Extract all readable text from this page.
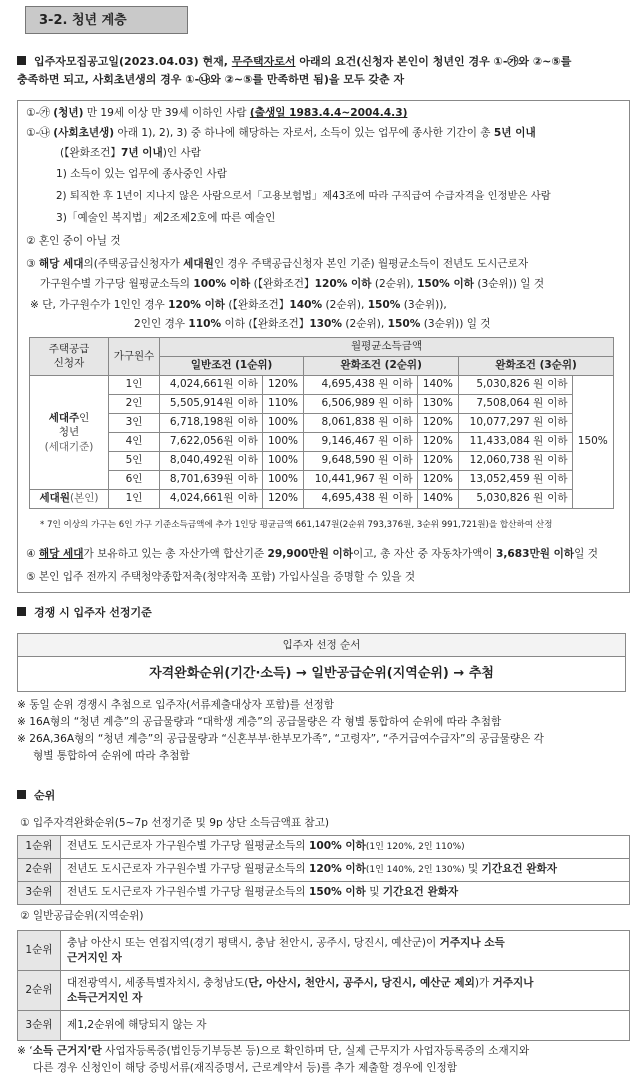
3-2. 청년 계층
입주자모집공고일(2023.04.03) 현재, 무주택자로서 아래의 요건(신청자 본인이 청년인 경우 ①-㉮와 ②~⑤를
충족하면 되고, 사회초년생의 경우 ①-㉯와 ②~⑤를 만족하면 됨)을 모두 갖춘 자
①-㉮ (청년) 만 19세 이상 만 39세 이하인 사람 (출생일 1983.4.4~2004.4.3)
①-㉯ (사회초년생) 아래 1), 2), 3) 중 하나에 해당하는 자로서, 소득이 있는 업무에 종사한 기간이 총 5년 이내
(【완화조건】7년 이내)인 사람
1) 소득이 있는 업무에 종사중인 사람
2) 퇴직한 후 1년이 지나지 않은 사람으로서「고용보험법」제43조에 따라 구직급여 수급자격을 인정받은 사람
3)「예술인 복지법」제2조제2호에 따른 예술인
② 혼인 중이 아닐 것
③ 해당 세대의(주택공급신청자가 세대원인 경우 주택공급신청자 본인 기준) 월평균소득이 전년도 도시근로자
가구원수별 가구당 월평균소득의 100% 이하 (【완화조건】120% 이하 (2순위), 150% 이하 (3순위)) 일 것
※ 단, 가구원수가 1인인 경우 120% 이하 (【완화조건】140% (2순위), 150% (3순위)),
2인인 경우 110% 이하 (【완화조건】130% (2순위), 150% (3순위)) 일 것
주택공급
신청자	가구원수	월평균소득금액					
		일반조건 (1순위)		완화조건 (2순위)		완화조건 (3순위)	
세대주인
청년
(세대기준)	1인	4,024,661원 이하	120%	4,695,438 원 이하	140%	5,030,826 원 이하	150%
	2인	5,505,914원 이하	110%	6,506,989 원 이하	130%	7,508,064 원 이하	
	3인	6,718,198원 이하	100%	8,061,838 원 이하	120%	10,077,297 원 이하	
	4인	7,622,056원 이하	100%	9,146,467 원 이하	120%	11,433,084 원 이하	
	5인	8,040,492원 이하	100%	9,648,590 원 이하	120%	12,060,738 원 이하	
	6인	8,701,639원 이하	100%	10,441,967 원 이하	120%	13,052,459 원 이하	
세대원(본인)	1인	4,024,661원 이하	120%	4,695,438 원 이하	140%	5,030,826 원 이하	
* 7인 이상의 가구는 6인 가구 기준소득금액에 추가 1인당 평균금액 661,147원(2순위 793,376원, 3순위 991,721원)을 합산하여 산정
④ 해당 세대가 보유하고 있는 총 자산가액 합산기준 29,900만원 이하이고, 총 자산 중 자동차가액이 3,683만원 이하일 것
⑤ 본인 입주 전까지 주택청약종합저축(청약저축 포함) 가입사실을 증명할 수 있을 것
경쟁 시 입주자 선정기준
입주자 선정 순서
자격완화순위(기간·소득) → 일반공급순위(지역순위) → 추첨
※ 동일 순위 경쟁시 추첨으로 입주자(서류제출대상자 포함)를 선정함
※ 16A형의 “청년 계층”의 공급물량과 “대학생 계층”의 공급물량은 각 형별 통합하여 순위에 따라 추첨함
※ 26A,36A형의 “청년 계층”의 공급물량과 “신혼부부·한부모가족”, “고령자”, “주거급여수급자”의 공급물량은 각
형별 통합하여 순위에 따라 추첨함
순위
① 입주자격완화순위(5~7p 선정기준 및 9p 상단 소득금액표 참고)
1순위	전년도 도시근로자 가구원수별 가구당 월평균소득의 100% 이하(1인 120%, 2인 110%)
2순위	전년도 도시근로자 가구원수별 가구당 월평균소득의 120% 이하(1인 140%, 2인 130%) 및 기간요건 완화자
3순위	전년도 도시근로자 가구원수별 가구당 월평균소득의 150% 이하 및 기간요건 완화자
② 일반공급순위(지역순위)
1순위	충남 아산시 또는 연접지역(경기 평택시, 충남 천안시, 공주시, 당진시, 예산군)이 거주지나 소득
근거지인 자
2순위	대전광역시, 세종특별자치시, 충청남도(단, 아산시, 천안시, 공주시, 당진시, 예산군 제외)가 거주지나
소득근거지인 자
3순위	제1,2순위에 해당되지 않는 자
※ ‘소득 근거지’란 사업자등록증(법인등기부등본 등)으로 확인하며 단, 실제 근무지가 사업자등록증의 소재지와
다른 경우 신청인이 해당 증빙서류(재직증명서, 근로계약서 등)를 추가 제출할 경우에 인정함
